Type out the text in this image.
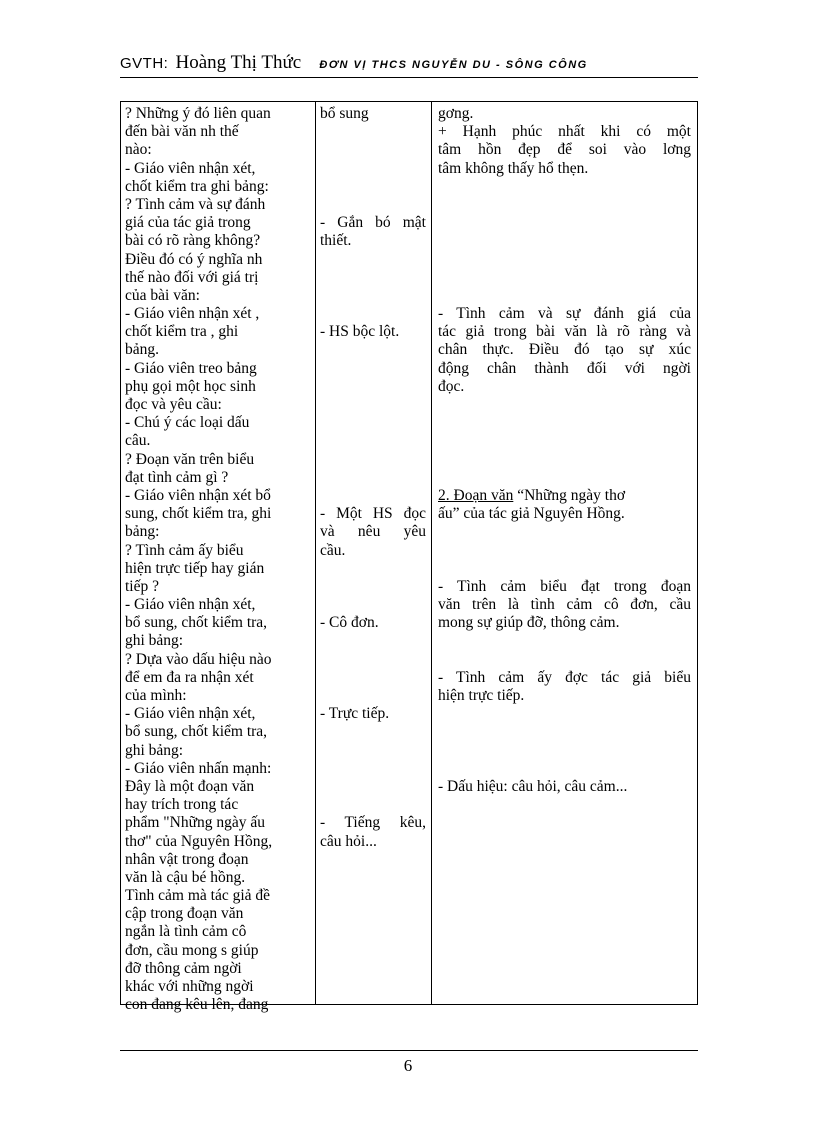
GVTH: Hoàng Thị Thức ĐƠN VỊ THCS NGUYỄN DU - SÔNG CÔNG
? Những ý đó liên quan
đến bài văn nh thế
nào:
- Giáo viên nhận xét,
chốt kiểm tra ghi bảng:
? Tình cảm và sự đánh
giá của tác giả trong
bài có rõ ràng không?
Điều đó có ý nghĩa nh
thế nào đối với giá trị
của bài văn:
- Giáo viên nhận xét ,
chốt kiểm tra , ghi
bảng.
- Giáo viên treo bảng
phụ gọi một học sinh
đọc và yêu cầu:
- Chú ý các loại dấu
câu.
? Đoạn văn trên biểu
đạt tình cảm gì ?
- Giáo viên nhận xét bổ
sung, chốt kiểm tra, ghi
bảng:
? Tình cảm ấy biểu
hiện trực tiếp hay gián
tiếp ?
- Giáo viên nhận xét,
bổ sung, chốt kiểm tra,
ghi bảng:
? Dựa vào dấu hiệu nào
để em đa ra nhận xét
của mình:
- Giáo viên nhận xét,
bổ sung, chốt kiểm tra,
ghi bảng:
- Giáo viên nhấn mạnh:
Đây là một đoạn văn
hay trích trong tác
phẩm "Những ngày ấu
thơ" của Nguyên Hồng,
nhân vật trong đoạn
văn là cậu bé hồng.
Tình cảm mà tác giả đề
cập trong đoạn văn
ngắn là tình cảm cô
đơn, cầu mong s giúp
đỡ thông cảm ngời
khác với những ngời
con đang kêu lên, đang
bổ sung
- Gắn bó mật
thiết.
- HS bộc lột.
- Một HS đọc
và nêu yêu
cầu.
- Cô đơn.
- Trực tiếp.
- Tiếng kêu,
câu hỏi...
gơng.
+ Hạnh phúc nhất khi có một
tâm hồn đẹp để soi vào lơng
tâm không thấy hổ thẹn.
- Tình cảm và sự đánh giá của
tác giả trong bài văn là rõ ràng và
chân thực. Điều đó tạo sự xúc
động chân thành đối với ngời
đọc.
2. Đoạn văn “Những ngày thơ
ấu” của tác giả Nguyên Hồng.
- Tình cảm biểu đạt trong đoạn
văn trên là tình cảm cô đơn, cầu
mong sự giúp đỡ, thông cảm.
- Tình cảm ấy đợc tác giả biểu
hiện trực tiếp.
- Dấu hiệu: câu hỏi, câu cảm...
6
